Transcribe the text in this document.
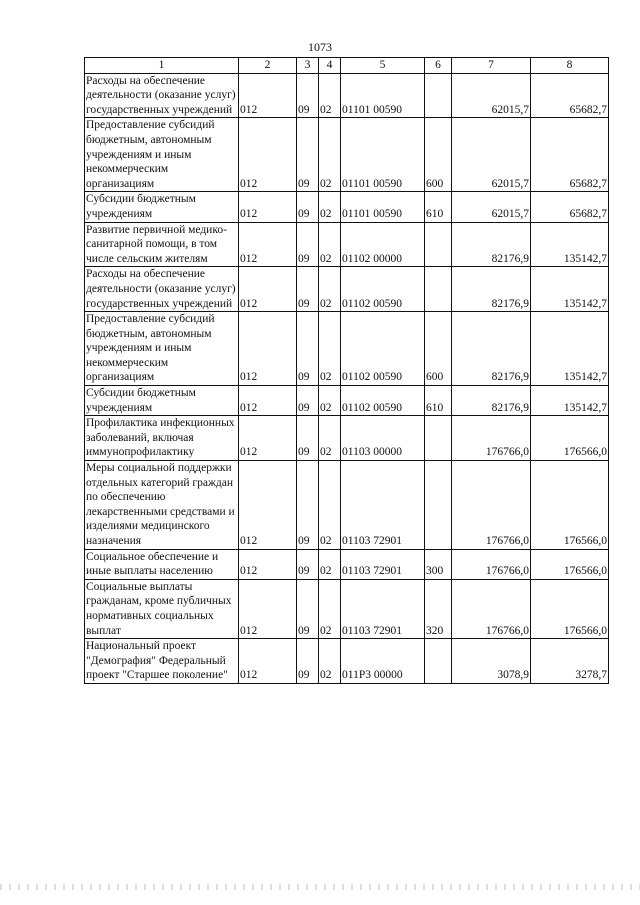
1073
1	2	3	4	5	6	7	8
Расходы на обеспечение деятельности (оказание услуг) государственных учреждений	012	09	02	01101 00590		62015,7	65682,7
Предоставление субсидий бюджетным, автономным учреждениям и иным некоммерческим организациям	012	09	02	01101 00590	600	62015,7	65682,7
Субсидии бюджетным учреждениям	012	09	02	01101 00590	610	62015,7	65682,7
Развитие первичной медико-санитарной помощи, в том числе сельским жителям	012	09	02	01102 00000		82176,9	135142,7
Расходы на обеспечение деятельности (оказание услуг) государственных учреждений	012	09	02	01102 00590		82176,9	135142,7
Предоставление субсидий бюджетным, автономным учреждениям и иным некоммерческим организациям	012	09	02	01102 00590	600	82176,9	135142,7
Субсидии бюджетным учреждениям	012	09	02	01102 00590	610	82176,9	135142,7
Профилактика инфекционных заболеваний, включая иммунопрофилактику	012	09	02	01103 00000		176766,0	176566,0
Меры социальной поддержки отдельных категорий граждан по обеспечению лекарственными средствами и изделиями медицинского назначения	012	09	02	01103 72901		176766,0	176566,0
Социальное обеспечение и иные выплаты населению	012	09	02	01103 72901	300	176766,0	176566,0
Социальные выплаты гражданам, кроме публичных нормативных социальных выплат	012	09	02	01103 72901	320	176766,0	176566,0
Национальный проект "Демография" Федеральный проект "Старшее поколение"	012	09	02	011P3 00000		3078,9	3278,7
